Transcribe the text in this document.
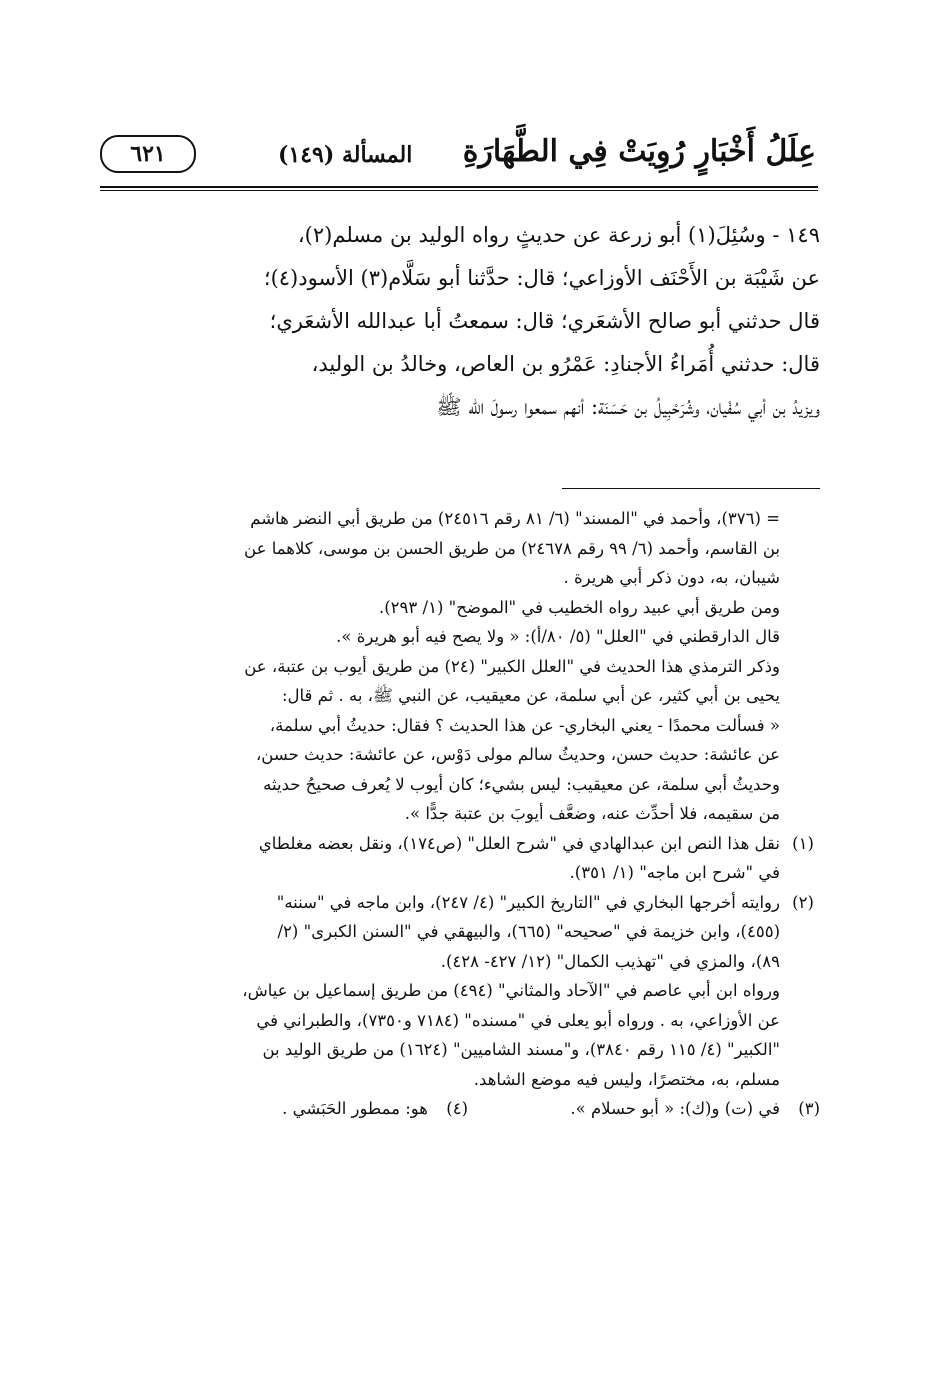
عِلَلُ أَخْبَارٍ رُوِيَتْ فِي الطَّهَارَةِ
المسألة (١٤٩)
٦٢١
١٤٩ - وسُئِلَ(١) أبو زرعة عن حديثٍ رواه الوليد بن مسلم(٢)،
عن شَيْبَة بن الأَحْنَف الأوزاعي؛ قال: حدَّثنا أبو سَلَّام(٣) الأسود(٤)؛
قال حدثني أبو صالح الأشعَري؛ قال: سمعتُ أبا عبدالله الأشعَري؛
قال: حدثني أُمَراءُ الأجنادِ: عَمْرُو بن العاص، وخالدُ بن الوليد،
ويزيدُ بن أبي سُفْيان، وشُرَحْبِيلُ بن حَسَنَة: أنهم سمعوا رسولَ الله ﷺ
= (٣٧٦)، وأحمد في "المسند" (٦/ ٨١ رقم ٢٤٥١٦) من طريق أبي النضر هاشم
بن القاسم، وأحمد (٦/ ٩٩ رقم ٢٤٦٧٨) من طريق الحسن بن موسى، كلاهما عن
شيبان، به، دون ذكر أبي هريرة .
ومن طريق أبي عبيد رواه الخطيب في "الموضح" (١/ ٢٩٣).
قال الدارقطني في "العلل" (٥/ ٨٠/أ): « ولا يصح فيه أبو هريرة ».
وذكر الترمذي هذا الحديث في "العلل الكبير" (٢٤) من طريق أيوب بن عتبة، عن
يحيى بن أبي كثير، عن أبي سلمة، عن معيقيب، عن النبي ﷺ، به . ثم قال:
« فسألت محمدًا - يعني البخاري- عن هذا الحديث ؟ فقال: حديثُ أبي سلمة،
عن عائشة: حديث حسن، وحديثُ سالم مولى دَوْس، عن عائشة: حديث حسن،
وحديثُ أبي سلمة، عن معيقيب: ليس بشيء؛ كان أيوب لا يُعرف صحيحُ حديثه
من سقيمه، فلا أحدِّث عنه، وضعَّف أيوبَ بن عتبة جدًّا ».
(١)
نقل هذا النص ابن عبدالهادي في "شرح العلل" (ص١٧٤)، ونقل بعضه مغلطاي
في "شرح ابن ماجه" (١/ ٣٥١).
(٢)
روايته أخرجها البخاري في "التاريخ الكبير" (٤/ ٢٤٧)، وابن ماجه في "سننه"
(٤٥٥)، وابن خزيمة في "صحيحه" (٦٦٥)، والبيهقي في "السنن الكبرى" (٢/
٨٩)، والمزي في "تهذيب الكمال" (١٢/ ٤٢٧- ٤٢٨).
ورواه ابن أبي عاصم في "الآحاد والمثاني" (٤٩٤) من طريق إسماعيل بن عياش،
عن الأوزاعي، به . ورواه أبو يعلى في "مسنده" (٧١٨٤ و٧٣٥٠)، والطبراني في
"الكبير" (٤/ ١١٥ رقم ٣٨٤٠)، و"مسند الشاميين" (١٦٢٤) من طريق الوليد بن
مسلم، به، مختصرًا، وليس فيه موضع الشاهد.
(٣)
في (ت) و(ك): « أبو حسلام ».
(٤)
هو: ممطور الحَبَشي .
